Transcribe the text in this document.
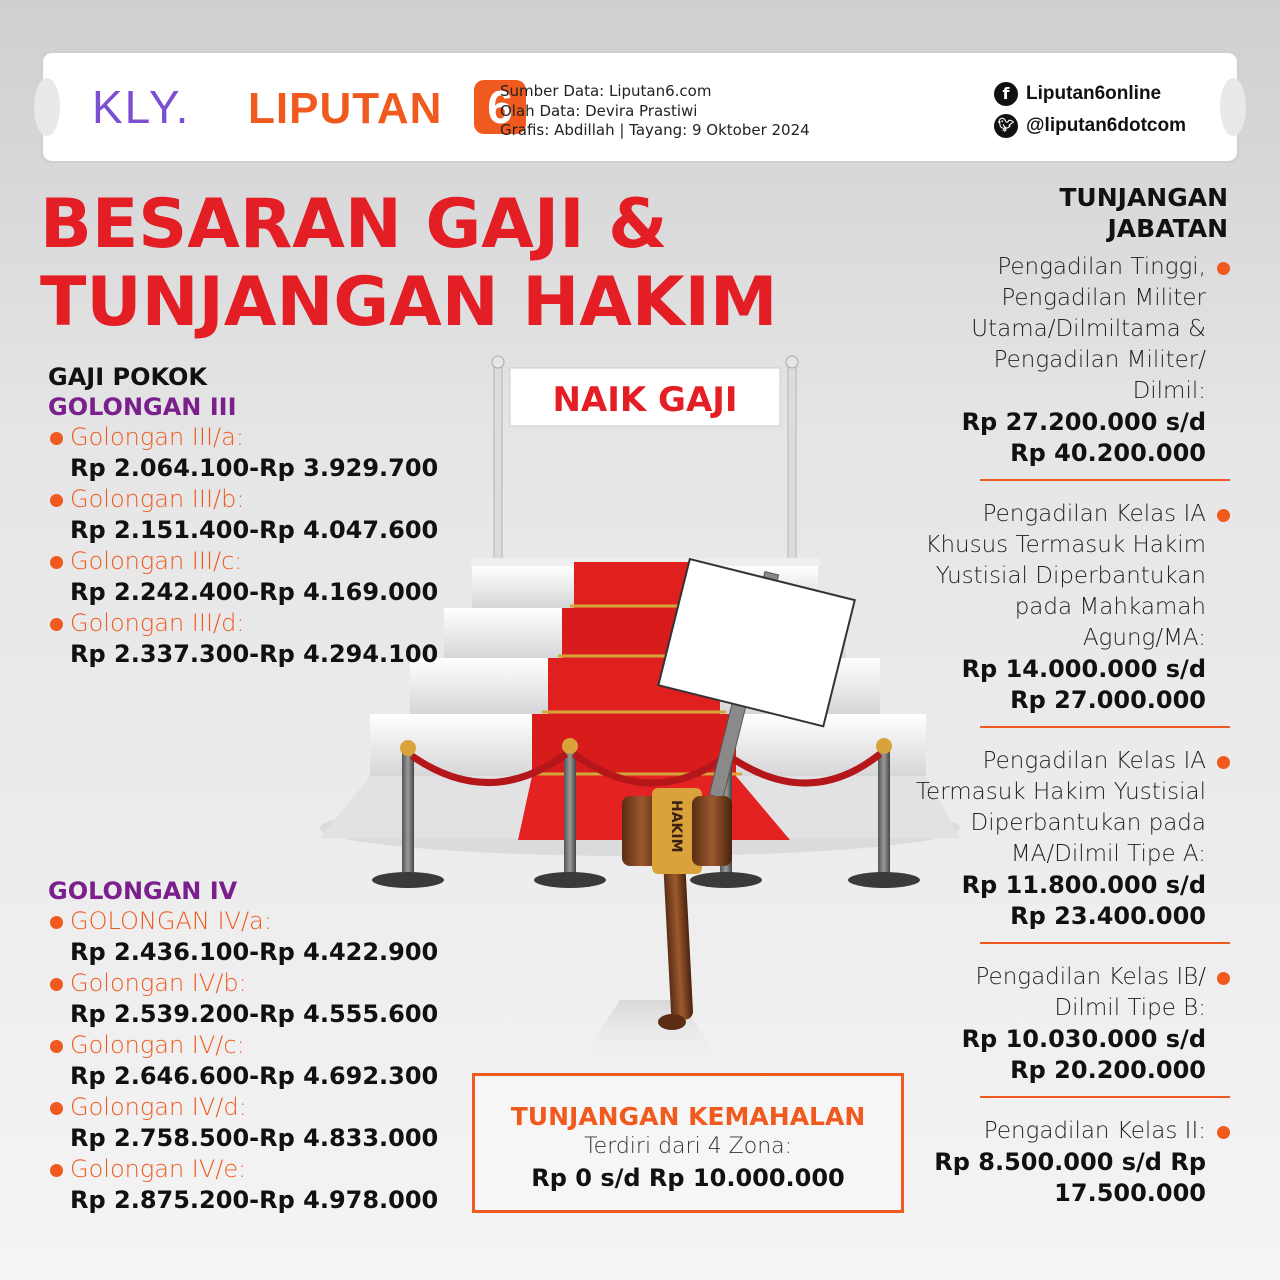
KLY. LIPUTAN 6
Sumber Data: Liputan6.com
Olah Data: Devira Prastiwi
Grafis: Abdillah | Tayang: 9 Oktober 2024
f Liputan6online
🐦︎ @liputan6dotcom
BESARAN GAJI &
TUNJANGAN HAKIM
NAIK GAJI
HAKIM
GAJI POKOK
GOLONGAN III
Golongan III/a:
Rp 2.064.100-Rp 3.929.700
Golongan III/b:
Rp 2.151.400-Rp 4.047.600
Golongan III/c:
Rp 2.242.400-Rp 4.169.000
Golongan III/d:
Rp 2.337.300-Rp 4.294.100
GOLONGAN IV
GOLONGAN IV/a:
Rp 2.436.100-Rp 4.422.900
Golongan IV/b:
Rp 2.539.200-Rp 4.555.600
Golongan IV/c:
Rp 2.646.600-Rp 4.692.300
Golongan IV/d:
Rp 2.758.500-Rp 4.833.000
Golongan IV/e:
Rp 2.875.200-Rp 4.978.000
TUNJANGAN
JABATAN
Pengadilan Tinggi,
Pengadilan Militer
Utama/Dilmiltama &
Pengadilan Militer/
Dilmil:
Rp 27.200.000 s/d
Rp 40.200.000
Pengadilan Kelas IA
Khusus Termasuk Hakim
Yustisial Diperbantukan
pada Mahkamah
Agung/MA:
Rp 14.000.000 s/d
Rp 27.000.000
Pengadilan Kelas IA
Termasuk Hakim Yustisial
Diperbantukan pada
MA/Dilmil Tipe A:
Rp 11.800.000 s/d
Rp 23.400.000
Pengadilan Kelas IB/
Dilmil Tipe B:
Rp 10.030.000 s/d
Rp 20.200.000
Pengadilan Kelas II:
Rp 8.500.000 s/d Rp
17.500.000
TUNJANGAN KEMAHALAN
Terdiri dari 4 Zona:
Rp 0 s/d Rp 10.000.000
